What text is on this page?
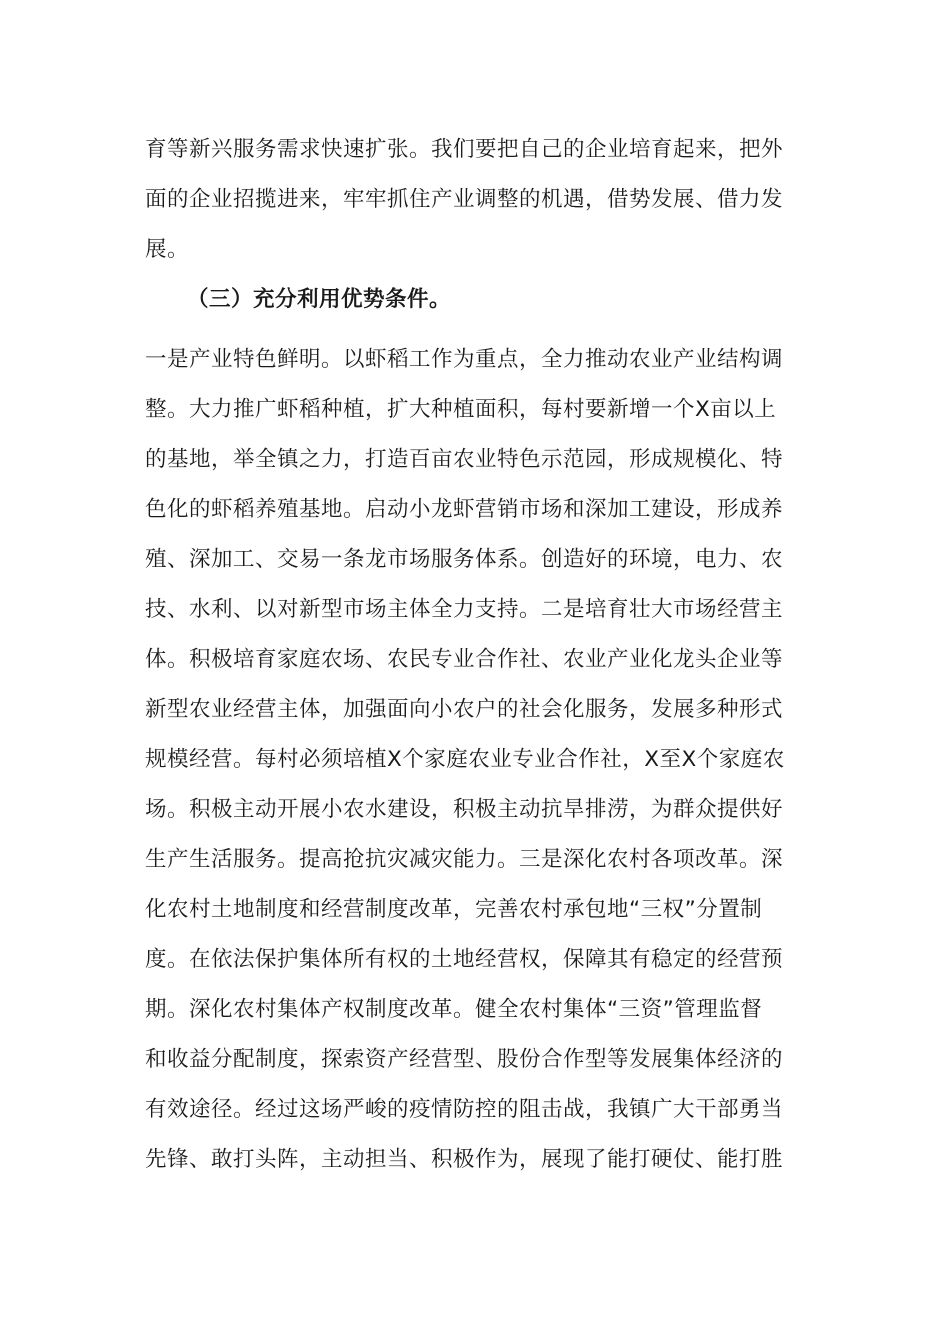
育等新兴服务需求快速扩张。我们要把自己的企业培育起来，把外
面的企业招揽进来，牢牢抓住产业调整的机遇，借势发展、借力发
展。
（三）充分利用优势条件。
一是产业特色鲜明。以虾稻工作为重点，全力推动农业产业结构调
整。大力推广虾稻种植，扩大种植面积，每村要新增一个X亩以上
的基地，举全镇之力，打造百亩农业特色示范园，形成规模化、特
色化的虾稻养殖基地。启动小龙虾营销市场和深加工建设，形成养
殖、深加工、交易一条龙市场服务体系。创造好的环境，电力、农
技、水利、以对新型市场主体全力支持。二是培育壮大市场经营主
体。积极培育家庭农场、农民专业合作社、农业产业化龙头企业等
新型农业经营主体，加强面向小农户的社会化服务，发展多种形式
规模经营。每村必须培植X个家庭农业专业合作社，X至X个家庭农
场。积极主动开展小农水建设，积极主动抗旱排涝，为群众提供好
生产生活服务。提高抢抗灾减灾能力。三是深化农村各项改革。深
化农村土地制度和经营制度改革，完善农村承包地“三权”分置制
度。在依法保护集体所有权的土地经营权，保障其有稳定的经营预
期。深化农村集体产权制度改革。健全农村集体“三资”管理监督
和收益分配制度，探索资产经营型、股份合作型等发展集体经济的
有效途径。经过这场严峻的疫情防控的阻击战，我镇广大干部勇当
先锋、敢打头阵，主动担当、积极作为，展现了能打硬仗、能打胜
